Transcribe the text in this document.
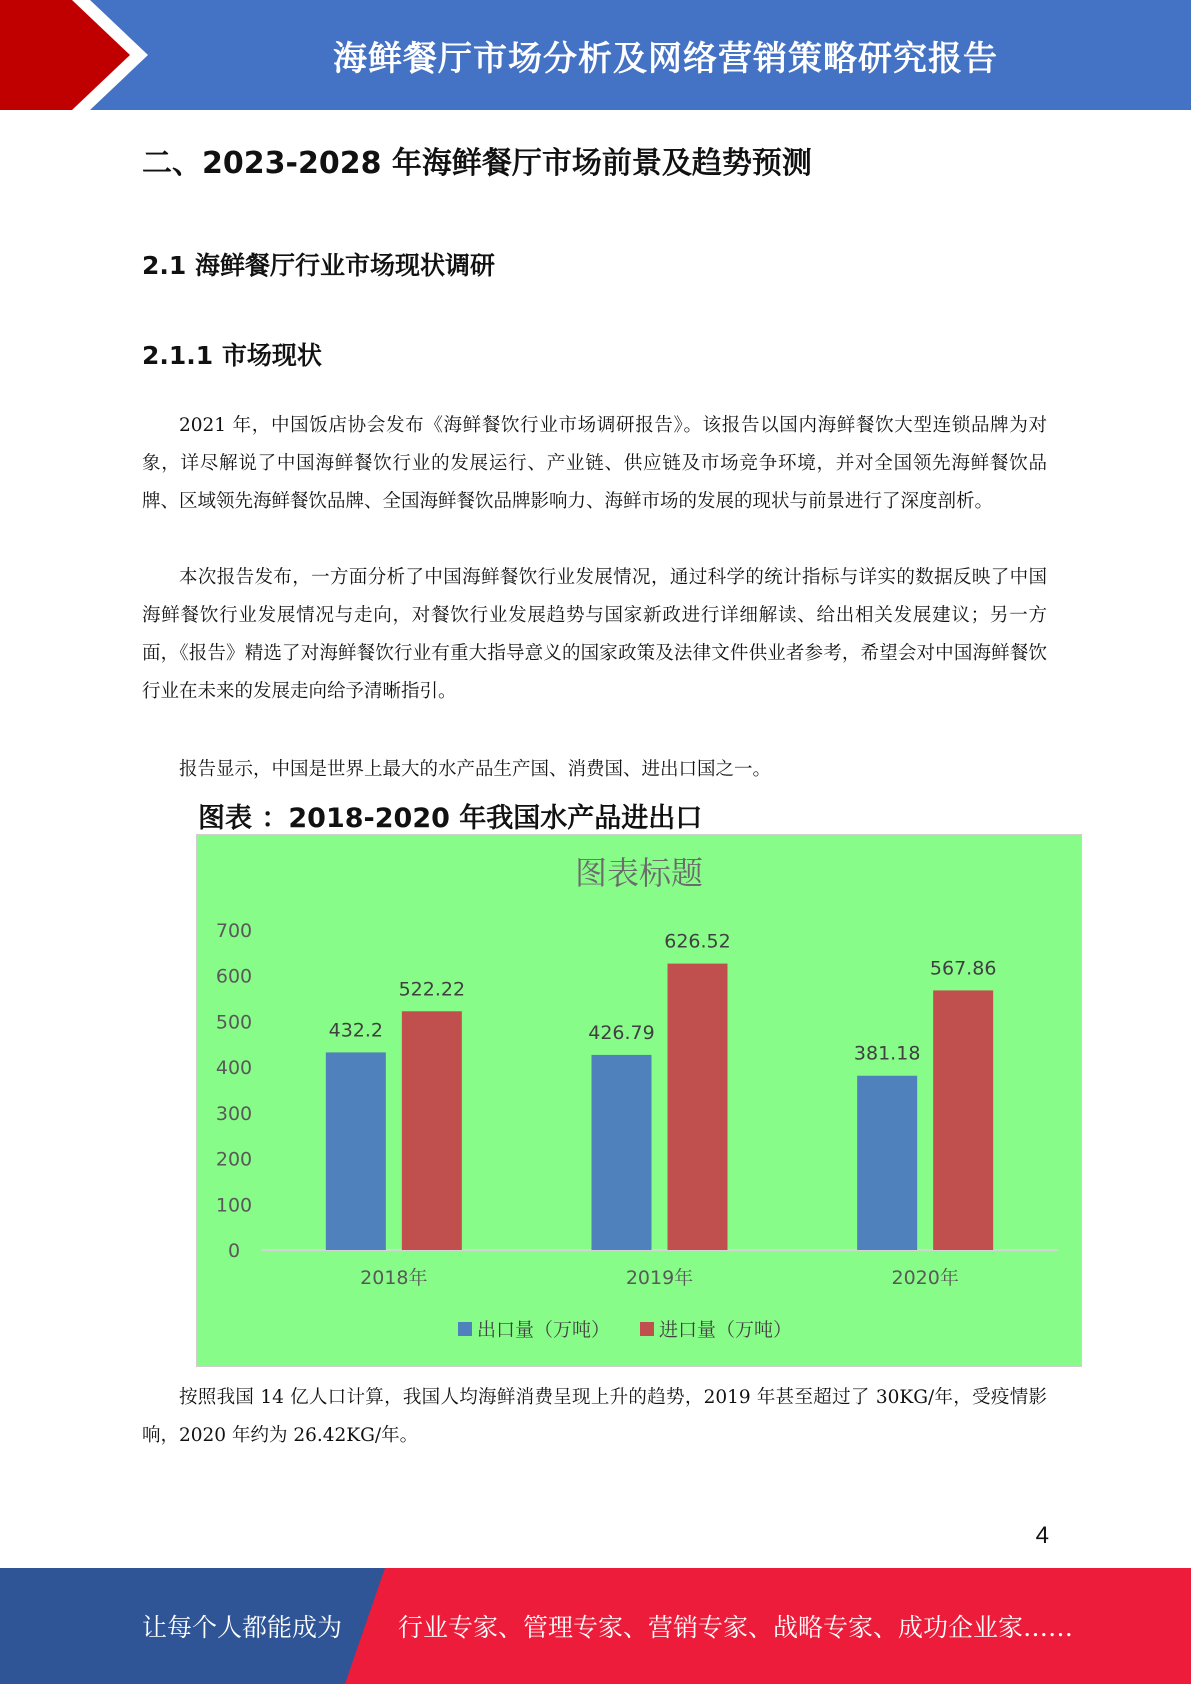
海鲜餐厅市场分析及网络营销策略研究报告
二、2023-2028 年海鲜餐厅市场前景及趋势预测
2.1 海鲜餐厅行业市场现状调研
2.1.1 市场现状

2021 年，中国饭店协会发布《海鲜餐饮行业市场调研报告》。该报告以国内海鲜餐饮大型连锁品牌为对象，详尽解说了中国海鲜餐饮行业的发展运行、产业链、供应链及市场竞争环境，并对全国领先海鲜餐饮品牌、区域领先海鲜餐饮品牌、全国海鲜餐饮品牌影响力、海鲜市场的发展的现状与前景进行了深度剖析。

本次报告发布，一方面分析了中国海鲜餐饮行业发展情况，通过科学的统计指标与详实的数据反映了中国海鲜餐饮行业发展情况与走向，对餐饮行业发展趋势与国家新政进行详细解读、给出相关发展建议；另一方面，《报告》精选了对海鲜餐饮行业有重大指导意义的国家政策及法律文件供业者参考，希望会对中国海鲜餐饮行业在未来的发展走向给予清晰指引。

报告显示，中国是世界上最大的水产品生产国、消费国、进出口国之一。

图表 ：2018-2020 年我国水产品进出口
图表标题
0
100
200
300
400
500
600
700
432.2
522.22
426.79
626.52
381.18
567.86
2018年	2019年	2020年
出口量（万吨）	进口量（万吨）

按照我国 14 亿人口计算，我国人均海鲜消费呈现上升的趋势，2019 年甚至超过了 30KG/年，受疫情影响，2020 年约为 26.42KG/年。

4
让每个人都能成为 行业专家、管理专家、营销专家、战略专家、成功企业家……
